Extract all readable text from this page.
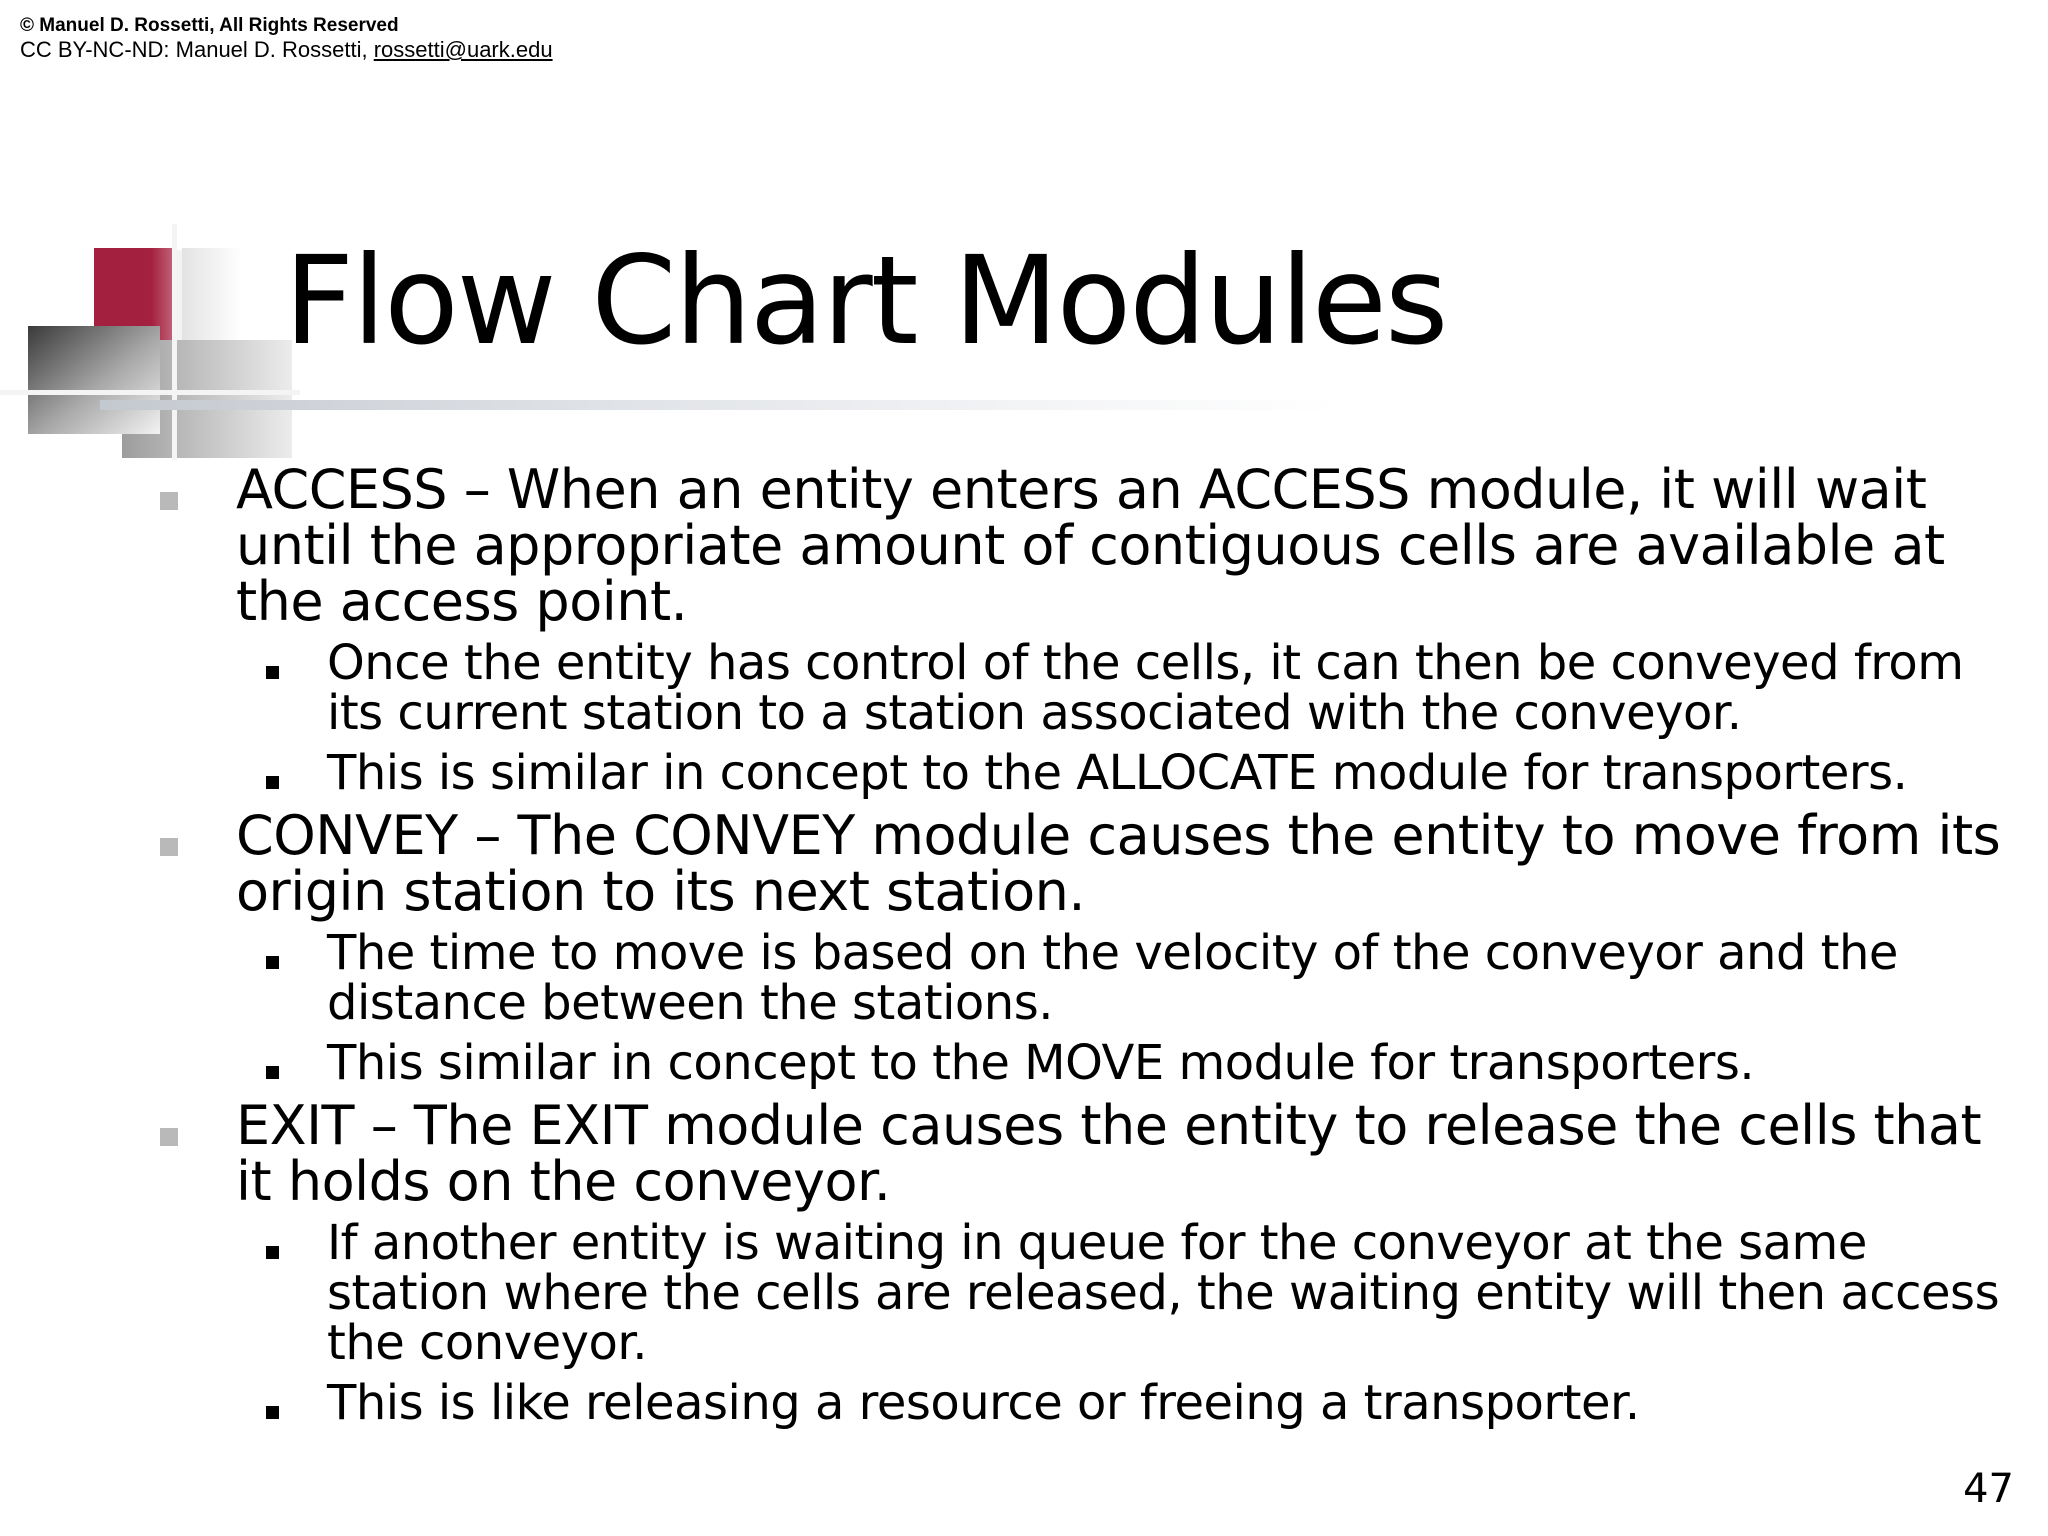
© Manuel D. Rossetti, All Rights Reserved
CC BY-NC-ND: Manuel D. Rossetti, rossetti@uark.edu
Flow Chart Modules
ACCESS – When an entity enters an ACCESS module, it will wait until the appropriate amount of contiguous cells are available at the access point.
Once the entity has control of the cells, it can then be conveyed from its current station to a station associated with the conveyor.
This is similar in concept to the ALLOCATE module for transporters.
CONVEY – The CONVEY module causes the entity to move from its origin station to its next station.
The time to move is based on the velocity of the conveyor and the distance between the stations.
This similar in concept to the MOVE module for transporters.
EXIT – The EXIT module causes the entity to release the cells that it holds on the conveyor.
If another entity is waiting in queue for the conveyor at the same station where the cells are released, the waiting entity will then access the conveyor.
This is like releasing a resource or freeing a transporter.
47
